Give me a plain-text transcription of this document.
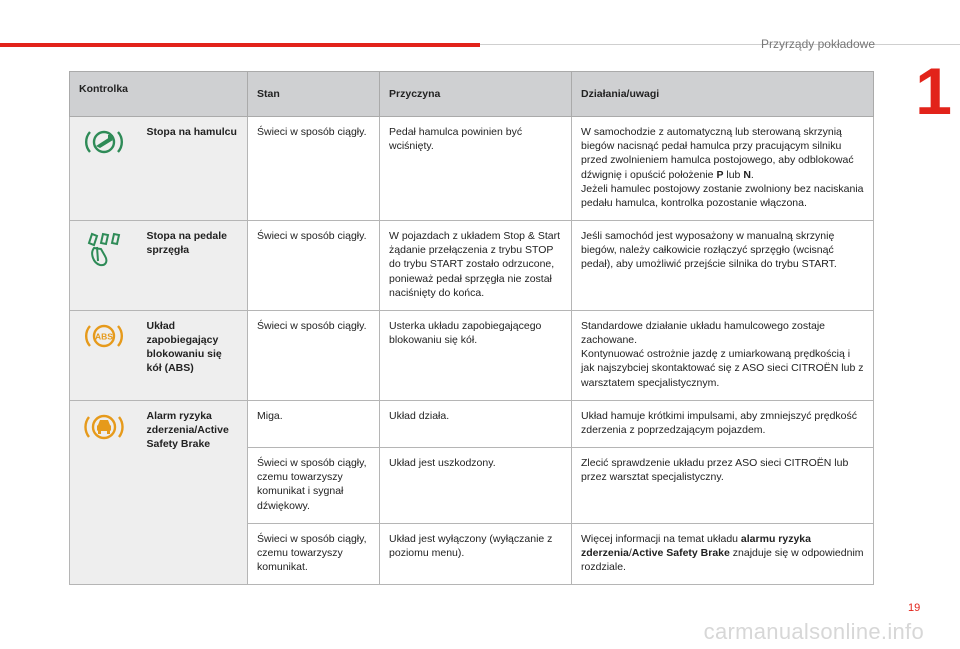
Przyrządy pokładowe
1
Kontrolka		Stan	Przyczyna	Działania/uwagi
	Stopa na hamulcu	Świeci w sposób ciągły.	Pedał hamulca powinien być wciśnięty.	W samochodzie z automatyczną lub sterowaną skrzynią biegów nacisnąć pedał hamulca przy pracującym silniku przed zwolnieniem hamulca postojowego, aby odblokować dźwignię i opuścić położenie P lub N.
Jeżeli hamulec postojowy zostanie zwolniony bez naciskania pedału hamulca, kontrolka pozostanie włączona.
	Stopa na pedale sprzęgła	Świeci w sposób ciągły.	W pojazdach z układem Stop & Start żądanie przełączenia z trybu STOP do trybu START zostało odrzucone, ponieważ pedał sprzęgła nie został naciśnięty do końca.	Jeśli samochód jest wyposażony w manualną skrzynię biegów, należy całkowicie rozłączyć sprzęgło (wcisnąć pedał), aby umożliwić przejście silnika do trybu START.

ABS	Układ zapobiegający blokowaniu się kół (ABS)	Świeci w sposób ciągły.	Usterka układu zapobiegającego blokowaniu się kół.	Standardowe działanie układu hamulcowego zostaje zachowane.
Kontynuować ostrożnie jazdę z umiarkowaną prędkością i jak najszybciej skontaktować się z ASO sieci CITROËN lub z warsztatem specjalistycznym.
	Alarm ryzyka zderzenia/Active Safety Brake	Miga.	Układ działa.	Układ hamuje krótkimi impulsami, aby zmniejszyć prędkość zderzenia z poprzedzającym pojazdem.
		Świeci w sposób ciągły, czemu towarzyszy komunikat i sygnał dźwiękowy.	Układ jest uszkodzony.	Zlecić sprawdzenie układu przez ASO sieci CITROËN lub przez warsztat specjalistyczny.
		Świeci w sposób ciągły, czemu towarzyszy komunikat.	Układ jest wyłączony (wyłączanie z poziomu menu).	Więcej informacji na temat układu alarmu ryzyka zderzenia/Active Safety Brake znajduje się w odpowiednim rozdziale.
19
carmanualsonline.info
